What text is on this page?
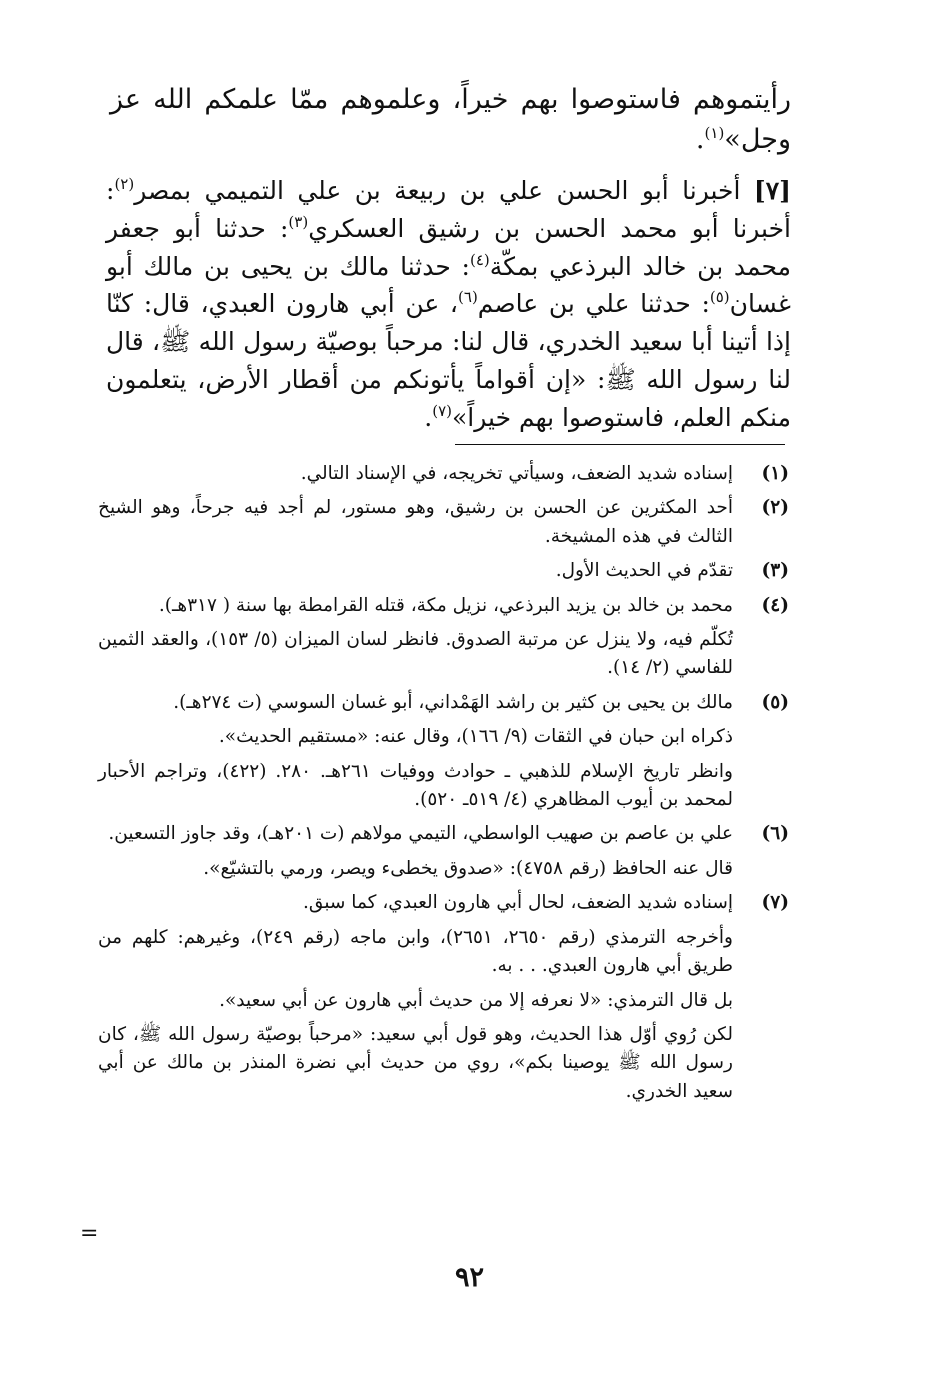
رأيتموهم فاستوصوا بهم خيراً، وعلموهم ممّا علمكم الله عز وجل»$^{(١)}$.

[٧] أخبرنا أبو الحسن علي بن ربيعة بن علي التميمي بمصر$^{(٢)}$: أخبرنا أبو محمد الحسن بن رشيق العسكري$^{(٣)}$: حدثنا أبو جعفر محمد بن خالد البرذعي بمكّة$^{(٤)}$: حدثنا مالك بن يحيى بن مالك أبو غسان$^{(٥)}$: حدثنا علي بن عاصم$^{(٦)}$، عن أبي هارون العبدي، قال: كنّا إذا أتينا أبا سعيد الخدري، قال لنا: مرحباً بوصيّة رسول الله ﷺ، قال لنا رسول الله ﷺ: «إن أقواماً يأتونكم من أقطار الأرض، يتعلمون منكم العلم، فاستوصوا بهم خيراً»$^{(٧)}$.

(١)

إسناده شديد الضعف، وسيأتي تخريجه، في الإسناد التالي.

(٢)

أحد المكثرين عن الحسن بن رشيق، وهو مستور، لم أجد فيه جرحاً، وهو الشيخ الثالث في هذه المشيخة.

(٣)

تقدّم في الحديث الأول.

(٤)

محمد بن خالد بن يزيد البرذعي، نزيل مكة، قتله القرامطة بها سنة ( ٣١٧هـ).

تُكلّم فيه، ولا ينزل عن مرتبة الصدوق. فانظر لسان الميزان (٥/ ١٥٣)، والعقد الثمين للفاسي (٢/ ١٤).

(٥)

مالك بن يحيى بن كثير بن راشد الهَمْداني، أبو غسان السوسي (ت ٢٧٤هـ).

ذكراه ابن حبان في الثقات (٩/ ١٦٦)، وقال عنه: «مستقيم الحديث».

وانظر تاريخ الإسلام للذهبي ـ حوادث ووفيات ٢٦١هـ. ٢٨٠. (٤٢٢)، وتراجم الأحبار لمحمد بن أيوب المظاهري (٤/ ٥١٩ـ ٥٢٠).

(٦)

علي بن عاصم بن صهيب الواسطي، التيمي مولاهم (ت ٢٠١هـ)، وقد جاوز التسعين.

قال عنه الحافظ (رقم ٤٧٥٨): «صدوق يخطىء ويصر، ورمي بالتشيّع».

(٧)

إسناده شديد الضعف، لحال أبي هارون العبدي، كما سبق.

وأخرجه الترمذي (رقم ٢٦٥٠، ٢٦٥١)، وابن ماجه (رقم ٢٤٩)، وغيرهم: كلهم من طريق أبي هارون العبدي. . . به.

بل قال الترمذي: «لا نعرفه إلا من حديث أبي هارون عن أبي سعيد».

لكن رُوي أوّل هذا الحديث، وهو قول أبي سعيد: «مرحباً بوصيّة رسول الله ﷺ، كان رسول الله ﷺ يوصينا بكم»، روي من حديث أبي نضرة المنذر بن مالك عن أبي سعيد الخدري.

=
٩٢
